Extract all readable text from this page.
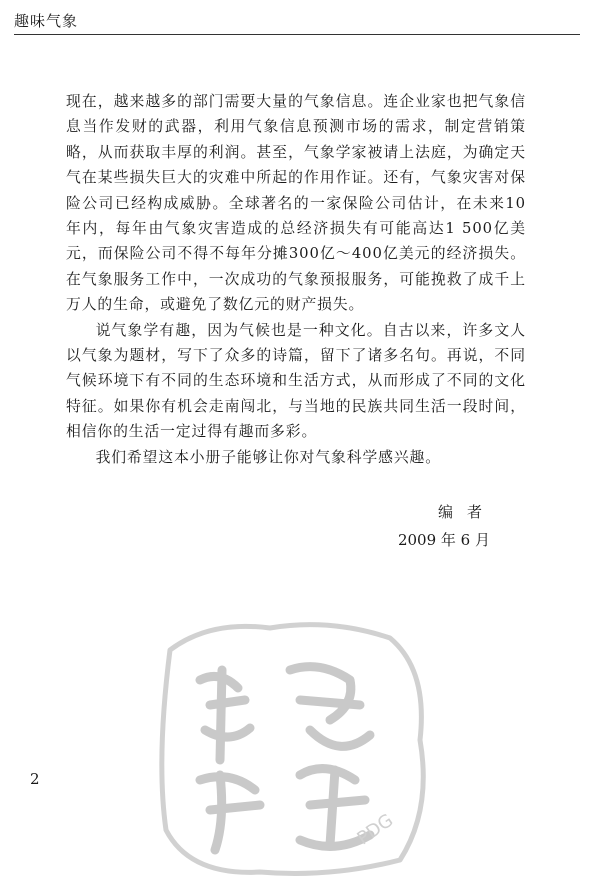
趣味气象

现在，越来越多的部门需要大量的气象信息。连企业家也把气象信息当作发财的武器，利用气象信息预测市场的需求，制定营销策略，从而获取丰厚的利润。甚至，气象学家被请上法庭，为确定天气在某些损失巨大的灾难中所起的作用作证。还有，气象灾害对保险公司已经构成威胁。全球著名的一家保险公司估计，在未来10年内，每年由气象灾害造成的总经济损失有可能高达1 500亿美元，而保险公司不得不每年分摊300亿～400亿美元的经济损失。在气象服务工作中，一次成功的气象预报服务，可能挽救了成千上万人的生命，或避免了数亿元的财产损失。

说气象学有趣，因为气候也是一种文化。自古以来，许多文人以气象为题材，写下了众多的诗篇，留下了诸多名句。再说，不同气候环境下有不同的生态环境和生活方式，从而形成了不同的文化特征。如果你有机会走南闯北，与当地的民族共同生活一段时间，相信你的生活一定过得有趣而多彩。

我们希望这本小册子能够让你对气象科学感兴趣。

编者
2009 年 6 月
PDG
2
